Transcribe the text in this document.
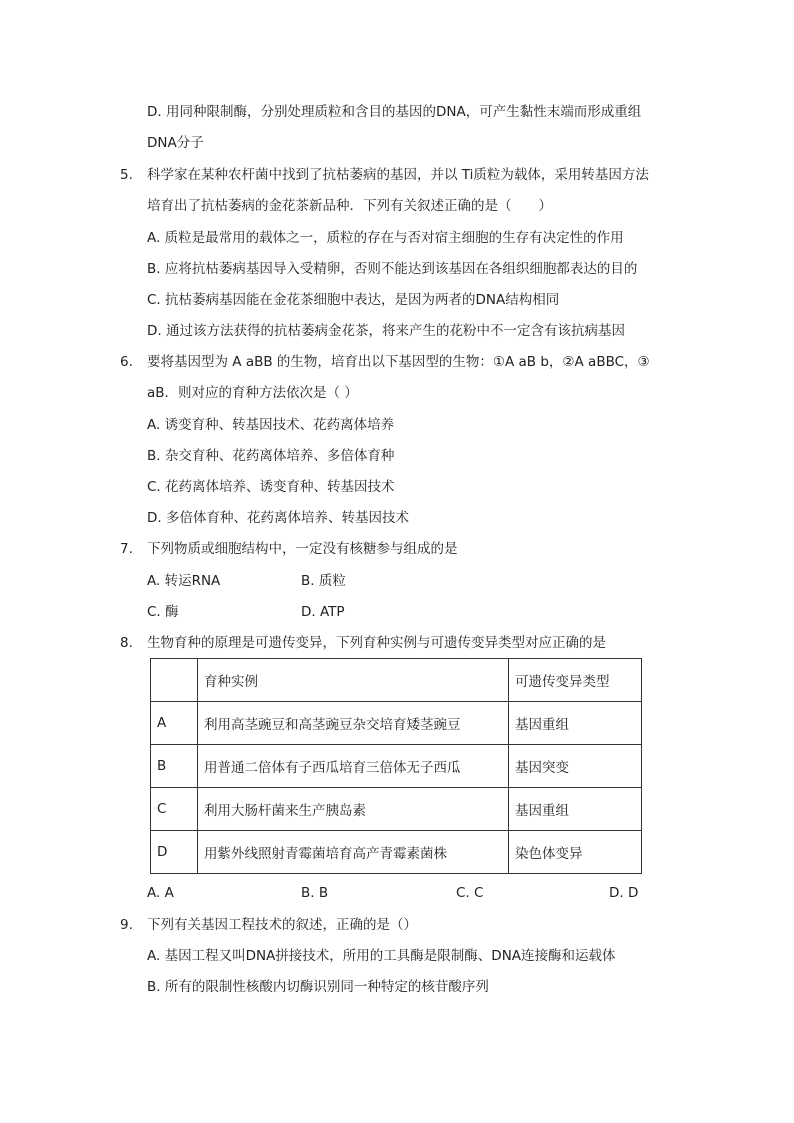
D. 用同种限制酶，分别处理质粒和含目的基因的DNA，可产生黏性末端而形成重组
DNA分子
5. 科学家在某种农杆菌中找到了抗枯萎病的基因，并以 Ti质粒为载体，采用转基因方法
培育出了抗枯萎病的金花茶新品种．下列有关叙述正确的是（　　）
A. 质粒是最常用的载体之一，质粒的存在与否对宿主细胞的生存有决定性的作用
B. 应将抗枯萎病基因导入受精卵，否则不能达到该基因在各组织细胞都表达的目的
C. 抗枯萎病基因能在金花茶细胞中表达，是因为两者的DNA结构相同
D. 通过该方法获得的抗枯萎病金花茶，将来产生的花粉中不一定含有该抗病基因
6. 要将基因型为 A aBB 的生物，培育出以下基因型的生物：①A aB b，②A aBBC，③
aB．则对应的育种方法依次是（ ）
A. 诱变育种、转基因技术、花药离体培养
B. 杂交育种、花药离体培养、多倍体育种
C. 花药离体培养、诱变育种、转基因技术
D. 多倍体育种、花药离体培养、转基因技术
7. 下列物质或细胞结构中，一定没有核糖参与组成的是
A. 转运RNA	B. 质粒
C. 酶	D. ATP
8. 生物育种的原理是可遗传变异，下列育种实例与可遗传变异类型对应正确的是
	育种实例	可遗传变异类型
A	利用高茎豌豆和高茎豌豆杂交培育矮茎豌豆	基因重组
B	用普通二倍体有子西瓜培育三倍体无子西瓜	基因突变
C	利用大肠杆菌来生产胰岛素	基因重组
D	用紫外线照射青霉菌培育高产青霉素菌株	染色体变异
A. A	B. B	C. C	D. D
9. 下列有关基因工程技术的叙述，正确的是（）
A. 基因工程又叫DNA拼接技术，所用的工具酶是限制酶、DNA连接酶和运载体
B. 所有的限制性核酸内切酶识别同一种特定的核苷酸序列
